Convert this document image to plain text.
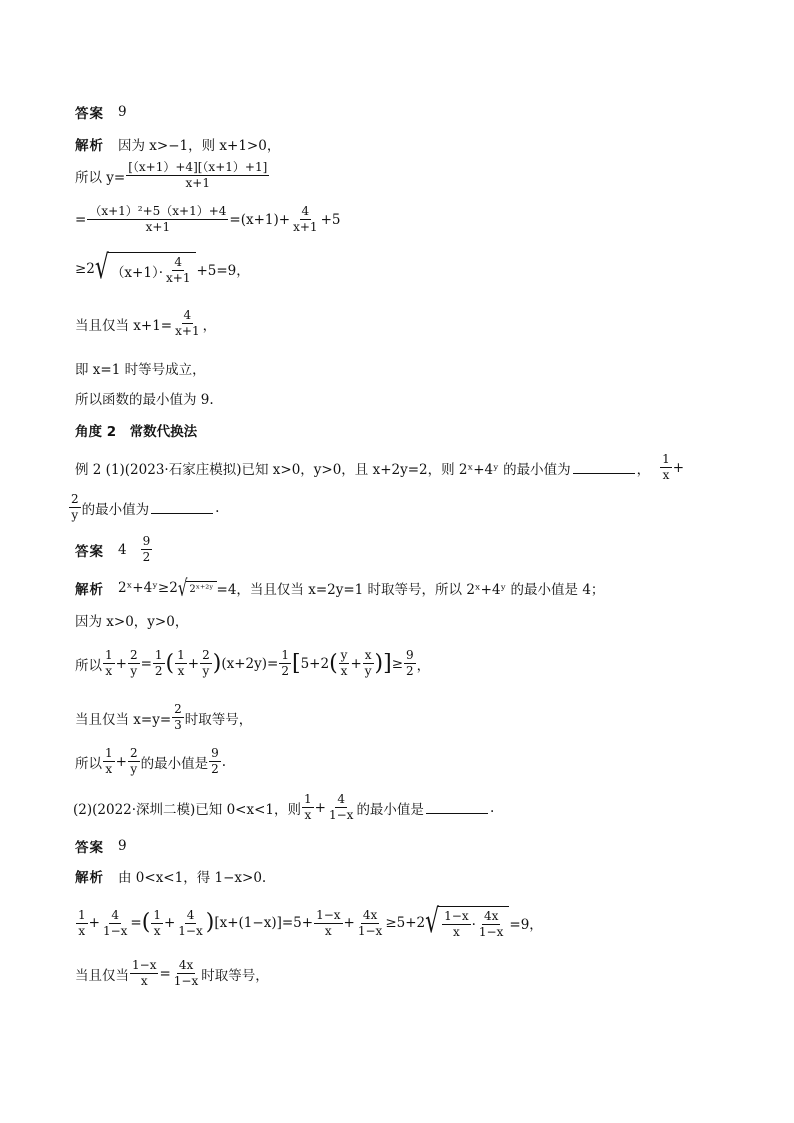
答案 9
解析 因为 x>−1，则 x+1>0，
所以 $y= \frac{[(x+1)+4][(x+1)+1]}{x+1}$
= $\frac{\text{（x+1）²+5（x+1）+4}}{x+1} =(x+1)+ \frac{4}{x+1} +5$
≥2 √ $(x+1)\cdot \frac{4}{x+1} +5=9$，
当且仅当 $x+1= \frac{4}{x+1}$ ，
即 x=1 时等号成立，
所以函数的最小值为 9.
角度 2　常数代换法
例 2 (1)(2023·石家庄模拟)已知 x>0，y>0，且 x+2y=2，则 2ˣ+4ʸ 的最小值为	， $\frac{1}{x}$ +
$\frac{2}{y}$ 的最小值为	.
答案 $4 \frac{9}{2}$
解析 2ˣ+4ʸ≥2 √ 2ˣ⁺²ʸ =4，当且仅当 x=2y=1 时取等号，所以 2ˣ+4ʸ 的最小值是 4；
因为 x>0，y>0，
所以 $\frac{1}{x} + \frac{2}{y} = \frac{1}{2}$ ( $\frac{1}{x} + \frac{2}{y}$ ) $(x+2y)= \frac{1}{2}$ [ 5+2 ( $\frac{y}{x} + \frac{x}{y}$ ) ] ≥ $\frac{9}{2}$ ，
当且仅当 $x=y= \frac{2}{3}$ 时取等号，
所以 $\frac{1}{x} + \frac{2}{y}$ 的最小值是 $\frac{9}{2}$ .
(2)(2022·深圳二模)已知 0<x<1，则 $\frac{1}{x} + \frac{4}{1-x}$ 的最小值是	.
答案 9
解析 由 0<x<1，得 1−x>0.
$\frac{1}{x} + \frac{4}{1-x}$ = ( $\frac{1}{x} + \frac{4}{1-x}$ ) $[x+(1-x)]=5+ \frac{1-x}{x} + \frac{4x}{1-x} \ge 5+2$ √ $\frac{1-x}{x} \cdot \frac{4x}{1-x} =9$，
当且仅当 $\frac{1-x}{x} = \frac{4x}{1-x}$ 时取等号，
